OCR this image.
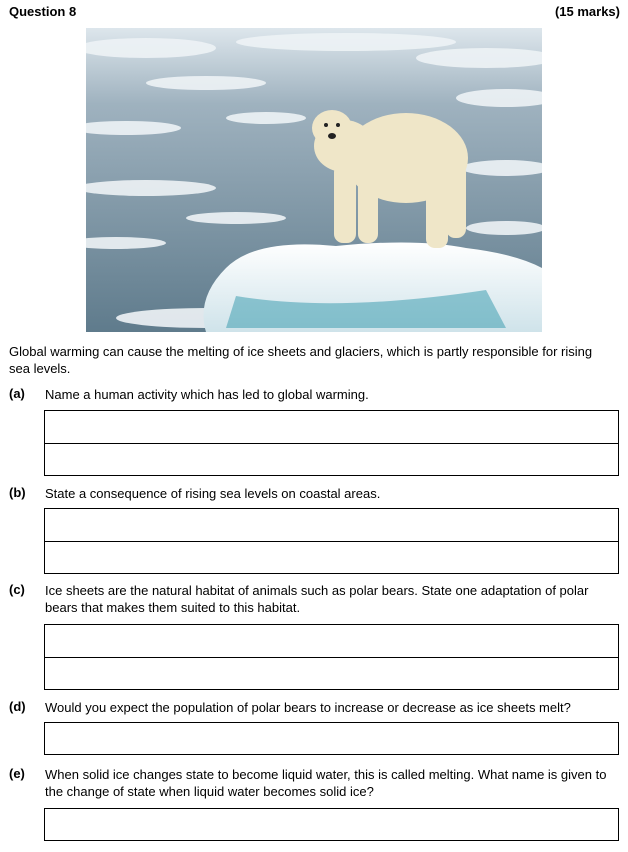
Question 8	(15 marks)
Global warming can cause the melting of ice sheets and glaciers, which is partly responsible for rising sea levels.
(a) Name a human activity which has led to global warming.
(b) State a consequence of rising sea levels on coastal areas.
(c) Ice sheets are the natural habitat of animals such as polar bears. State one adaptation of polar bears that makes them suited to this habitat.
(d) Would you expect the population of polar bears to increase or decrease as ice sheets melt?
(e) When solid ice changes state to become liquid water, this is called melting. What name is given to the change of state when liquid water becomes solid ice?
